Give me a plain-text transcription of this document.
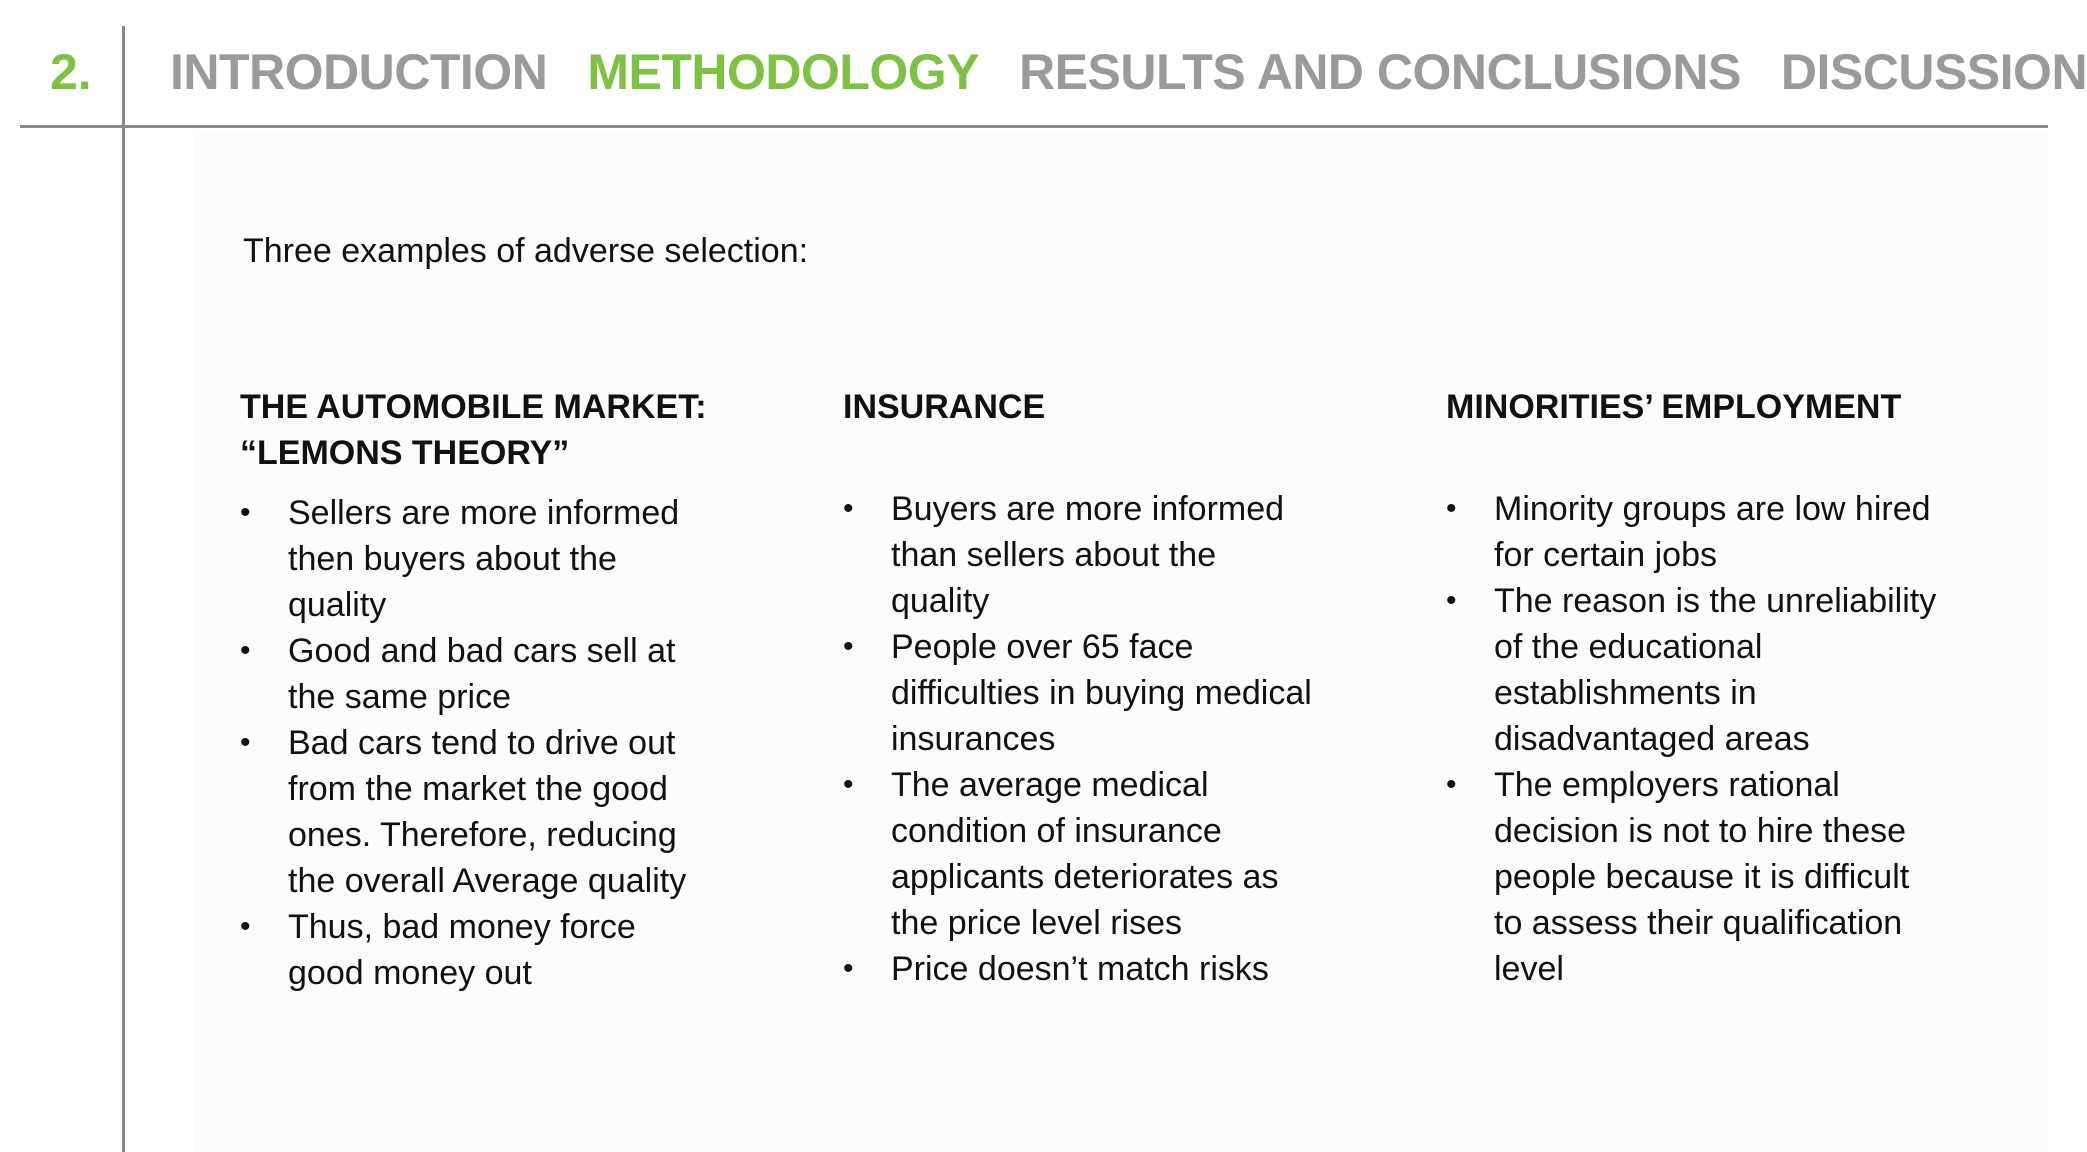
2. INTRODUCTION METHODOLOGY RESULTS AND CONCLUSIONS DISCUSSION
Three examples of adverse selection:
THE AUTOMOBILE MARKET:
“LEMONS THEORY”
• Sellers are more informed then buyers about the quality
• Good and bad cars sell at the same price
• Bad cars tend to drive out from the market the good ones. Therefore, reducing the overall Average quality
• Thus, bad money force good money out
INSURANCE
• Buyers are more informed than sellers about the quality
• People over 65 face difficulties in buying medical insurances
• The average medical condition of insurance applicants deteriorates as the price level rises
• Price doesn’t match risks
MINORITIES’ EMPLOYMENT
• Minority groups are low hired for certain jobs
• The reason is the unreliability of the educational establishments in disadvantaged areas
• The employers rational decision is not to hire these people because it is difficult to assess their qualification level
